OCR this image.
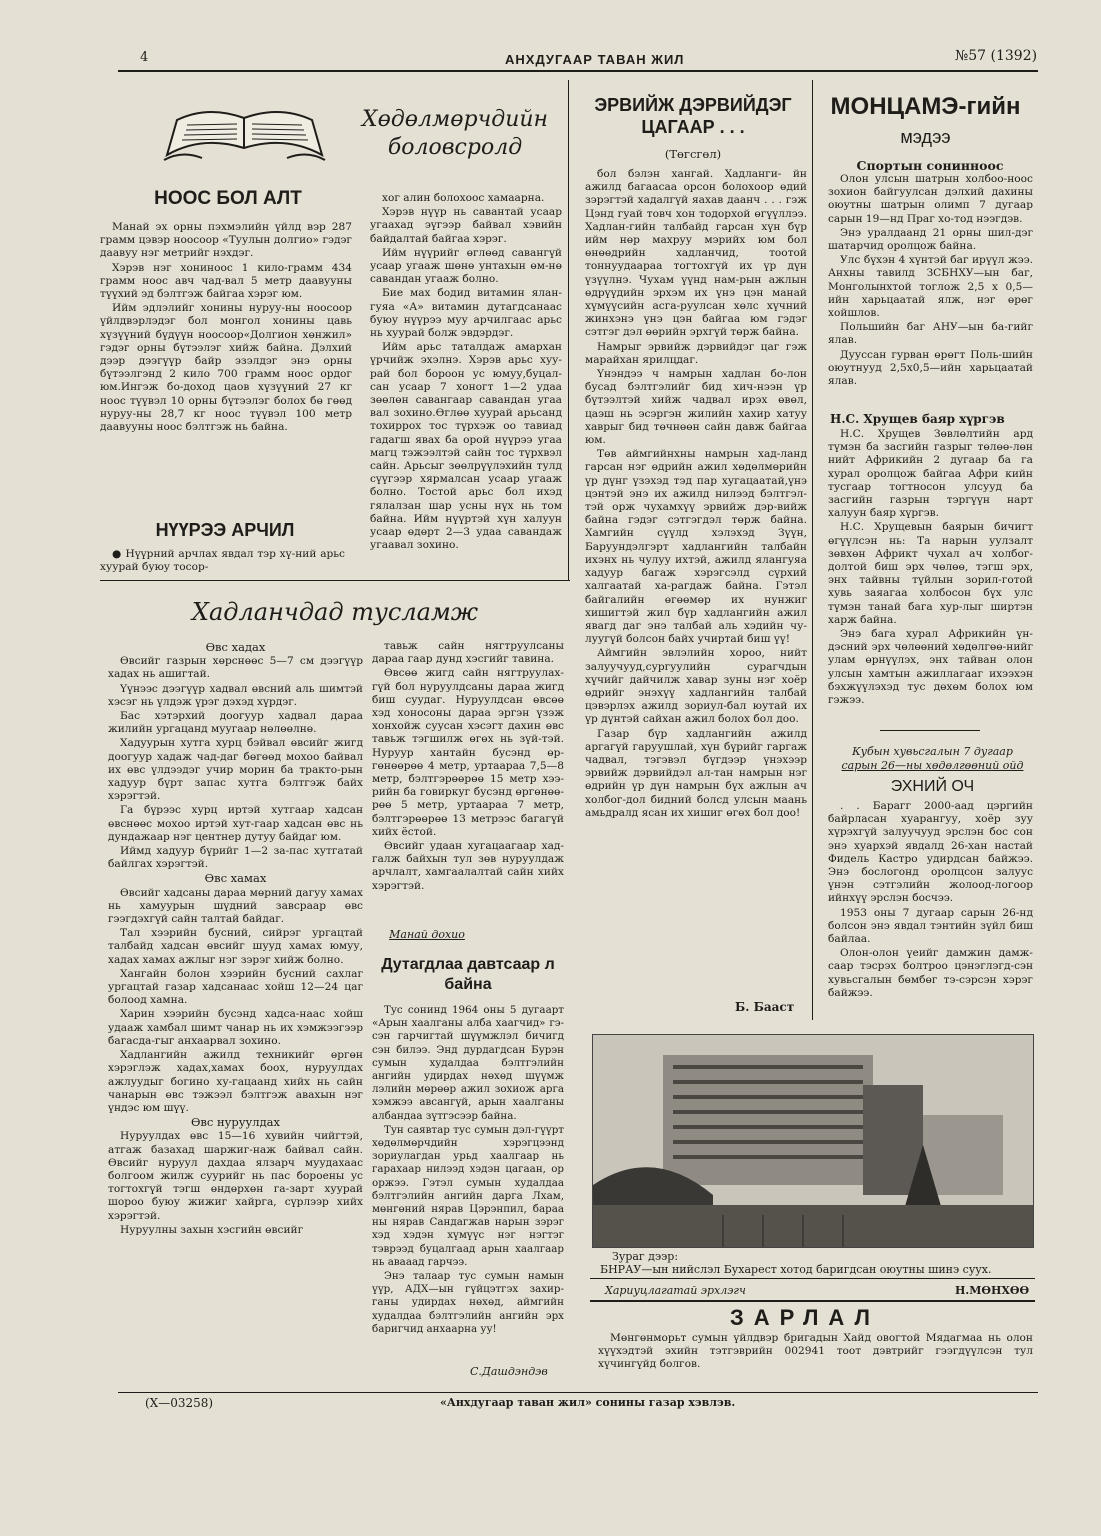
4	АНХДУГААР ТАВАН ЖИЛ	№57 (1392)
Хөдөлмөрчдийн
боловсролд
НООС БОЛ АЛТ

Манай эх орны пэхмэлийн үйлд вэр 287 грамм цэвэр ноосоор «Туулын долгио» гэдэг даавуу нэг метрийг нэхдэг.

Хэрэв нэг хониноос 1 кило-грамм 434 грамм ноос авч чад-вал 5 метр даавууны түүхий эд бэлтгэж байгаа хэрэг юм.

Ийм эдлэлийг хонины нуруу-ны ноосоор үйлдвэрлэдэг бол монгол хонины цавь хүзүүний бүдүүн ноосоор«Долгион хөнжил» гэдэг орны бүтээлэг хийж байна. Дэлхий дээр дээгүүр байр эзэлдэг энэ орны бүтээлгэнд 2 кило 700 грамм ноос ордог юм.Ингэж бо-доход цаов хүзүүний 27 кг ноос түүвэл 10 орны бүтээлэг болох бө гөөд нуруу-ны 28,7 кг ноос түүвэл 100 метр даавууны ноос бэлтгэж нь байна.

НҮҮРЭЭ АРЧИЛ

● Нүүрний арчлах явдал тэр хү-ний арьс хуурай буюу тосор-

хог алин болохоос хамаарна.

Хэрэв нүүр нь савантай усаар угаахад эүгээр байвал хэвийн байдалтай байгаа хэрэг.

Ийм нүүрийг өглөөд савангүй усаар угааж шөнө унтахын өм-нө савандан угааж болно.

Бие мах бодид витамин ялан-гуяа «А» витамин дутагдсанаас буюу нүүрээ муу арчилгаас арьс нь хуурай болж эвдэрдэг.

Ийм арьс таталдаж амархан үрчийж эхэлнэ. Хэрэв арьс хуу-рай бол бороон ус юмуу,буцал-сан усаар 7 хоногт 1—2 удаа зөөлөн савангаар савандан угаа вал зохино.Өглөө хуурай арьсанд тохиррох тос түрхэж оо тавиад гадагш явах ба орой нүүрээ угаа магц тэжээлтэй сайн тос түрхвэл сайн. Арьсыг зөөлрүүлэхийн тулд сүүгээр хярмалсан усаар угааж болно. Тостой арьс бол ихэд гялалзан шар усны нүх нь том байна. Ийм нүүртэй хүн халуун усаар өдөрт 2—3 удаа савандаж угаавал зохино.

ЭРВИЙЖ ДЭРВИЙДЭГ
ЦАГААР . . .
(Төгсгөл)

бол бэлэн хангай. Хадланги- йн ажилд багаасаа орсон болохоор өдий зэрэгтэй хадалгүй яахав даанч . . . гэж Цэнд гуай товч хон тодорхой өгүүллээ. Хадлан-гийн талбайд гарсан хүн бүр ийм нөр махруу мэрийх юм бол өнөөдрийн хадланчид, тоотой тоннуудаараа тогтохгүй их үр дүн үзүүлнэ. Чухам үүнд нам-рын ажлын өдрүүдийн эрхэм их үнэ цэн манай хүмүүсийн асга-руулсан хөлс хүчний жинхэнэ үнэ цэн байгаа юм гэдэг сэтгэг дэл өөрийн эрхгүй төрж байна.

Намрыг эрвийж дэрвийдэг цаг гэж марайхан ярилцдаг.

Үнэндээ ч намрын хадлан бо-лон бусад бэлтгэлийг бид хич-нээн үр бүтээлтэй хийж чадвал ирэх өвөл, цаэш нь эсэргэн жилийн хахир хатуу хаврыг бид төчнөөн сайн давж байгаа юм.

Төв аймгийнхны намрын хад-ланд гарсан нэг өдрийн ажил хөдөлмөрийн үр дүнг үзэхэд тэд пар хугацаатай,үнэ цэнтэй энэ их ажилд нилээд бэлтгэл-тэй орж чухамхүү эрвийж дэр-вийж байна гэдэг сэтгэгдэл төрж байна. Хамгийн сүүлд хэлэхэд Зүүн, Баруундэлгэрт хадлангийн талбайн ихэнх нь чулуу ихтэй, ажилд ялангуяа хадуур багаж хэрэгсэлд сүрхий халгаатай ха-рагдаж байна. Гэтэл байгалийн өгөөмөр их нунжиг хишигтэй жил бүр хадлангийн ажил явагд даг энэ талбай аль хэдийн чу-луугүй болсон байх учиртай биш үү!

Аймгийн эвлэлийн хороо, нийт залуучууд,сургуулийн сурагчдын хүчийг дайчилж хавар зуны нэг хоёр өдрийг энэхүү хадлангийн талбай цэвэрлэх ажилд зориул-бал юутай их үр дүнтэй сайхан ажил болох бол доо.

Газар бүр хадлангийн ажилд аргагүй гаруушлай, хүн бүрийг гаргаж чадвал, тэгэвэл бүгдээр үнэхээр эрвийж дэрвийдэл ал-тан намрын нэг өдрийн үр дүн намрын бүх ажлын ач холбог-дол бидний болсд улсын маань амьдралд ясан их хишиг өгөх бол доо!

Б. Бааст
МОНЦАМЭ-гийн
мэдээ
Спортын сонинноос

Олон улсын шатрын холбоо-ноос зохион байгуулсан дэлхий дахины оюутны шатрын олимп 7 дугаар сарын 19—нд Праг хо-тод нээгдэв.

Энэ уралдаанд 21 орны шил-дэг шатарчид оролцож байна.

Улс бүхэн 4 хүнтэй баг ирүүл жээ. Анхны тавилд ЗСБНХУ—ын баг, Монголынхтой тоглож 2,5 х 0,5—ийн харьцаатай ялж, нэг өрөг хойшлов.

Польшийн баг АНУ—ын ба-гийг ялав.

Дууссан гурван өрөгт Поль-шийн оюутнууд 2,5х0,5—ийн харьцаатай ялав.

Н.С. Хрущев баяр хүргэв

Н.С. Хрущев Зөвлөлтийн ард түмэн ба засгийн газрыг төлөө-лөн нийт Африкийн 2 дугаар ба га хурал оролцож байгаа Афри кийн тусгаар тогтносон улсууд ба засгийн газрын тэргүүн нарт халуун баяр хүргэв.

Н.С. Хрущевын баярын бичигт өгүүлсэн нь: Та нарын уулзалт зөвхөн Африкт чухал ач холбог-долтой биш эрх чөлөө, тэгш эрх, энх тайвны түйлын зорил-готой хувь заяагаа холбосон бүх улс түмэн танай бага хур-лыг ширтэн харж байна.

Энэ бага хурал Африкийн үн-дэсний эрх чөлөөний хөдөлгөө-нийг улам өрнүүлэх, энх тайван олон улсын хамтын ажиллагааг ихээхэн бэхжүүлэхэд тус дөхөм болох юм гэжээ.

Кубын хувьсгалын 7 дугаар
сарын 26—ны хөдөлгөөний ойд
ЭХНИЙ ОЧ

. . Барагг 2000-аад цэргийн байрласан хуарангуу, хоёр зуу хүрэхгүй залуучууд эрслэн бос сон энэ хуархэй явдалд 26-хан настай Фидель Кастро удирдсан байжээ. Энэ бослогонд оролцсон залуус үнэн сэтгэлийн жолоод-логоор ийнхүү эрслэн босчээ.

1953 оны 7 дугаар сарын 26-нд болсон энэ явдал тэнтийн зүйл биш байлаа.

Олон-олон үеийг дамжин дамж-саар тэсрэх болтроо цэнэглэгд-сэн хувьсгалын бөмбөг тэ-сэрсэн хэрэг байжээ.

Хадланчдад тусламж
Өвс хадах

Өвсийг газрын хөрснөөс 5—7 см дээгүүр хадах нь ашигтай.

Үүнээс дээгүүр хадвал өвсний аль шимтэй хэсэг нь үлдэж үрэг дэхэд хүрдэг.

Бас хэтэрхий доогуур хадвал дараа жилийн ургацанд муугаар нөлөөлнө.

Хадуурын хутга хурц бэйвал өвсийг жигд доогуур хадаж чад-даг бөгөөд мохоо байвал их өвс үлдээдэг учир морин ба тракто-рын хадуур бүрт запас хутга бэлтгэж байх хэрэгтэй.

Га бүрээс хурц иртэй хутгаар хадсан өвснөөс мохоо иртэй хут-гаар хадсан өвс нь дундажаар нэг центнер дутуу байдаг юм.

Иймд хадуур бүрийг 1—2 за-пас хутгатай байлгах хэрэгтэй.

Өвс хамах

Өвсийг хадсаны дараа мөрний дагуу хамах нь хамуурын шүдний завсраар өвс гээгдэхгүй сайн талтай байдаг.

Тал хээрийн бусний, сийрэг ургацтай талбайд хадсан өвсийг шууд хамах юмуу, хадах хамах ажлыг нэг зэрэг хийж болно.

Хангайн болон хээрийн бусний сахлаг ургацтай газар хадсанаас хойш 12—24 цаг болоод хамна.

Харин хээрийн бусэнд хадса-наас хойш удааж хамбал шимт чанар нь их хэмжээгээр багасда-гыг анхаарвал зохино.

Хадлангийн ажилд техникийг өргөн хэрэглэж хадах,хамах боох, нуруулдах ажлуудыг богино ху-гацаанд хийх нь сайн чанарын өвс тэжээл бэлтгэж авахын нэг үндэс юм шүү.

Өвс нуруулдах

Нуруулдах өвс 15—16 хувийн чийгтэй, атгаж базахад шаржиг-наж байвал сайн. Өвсийг нуруул дахдаа ялзарч муудахаас болгоом жилж суурийг нь пас бороены ус тогтохгүй тэгш өндөрхөн га-зарт хуурай шороо буюу жижиг хайрга, сүрлээр хийх хэрэгтэй.

Нуруулны захын хэсгийн өвсийг

тавьж сайн нягтруулсаны дараа гаар дунд хэсгийг тавина.

Өвсөө жигд сайн нягтруулах-гүй бол нуруулдсаны дараа жигд биш суудаг. Нуруулдсан өвсөө хэд хоносоны дараа эргэн үзэж хонхойж суусан хэсэгт дахин өвс тавьж тэгшилж өгөх нь зүй-тэй. Нуруур хантайн бусэнд өр-гөнөөрөө 4 метр, уртаараа 7,5—8 метр, бэлтгэрөөрөө 15 метр хээ-рийн ба говиркуг бусэнд өргөнөө-рөө 5 метр, уртаараа 7 метр, бэлтгэрөөрөө 13 метрээс багагүй хийх ёстой.

Өвсийг удаан хугацаагаар хад-галж байхын тул зөв нуруулдаж арчлалт, хамгаалалтай сайн хийх хэрэгтэй.

Манай дохио
Дутагдлаа давтсаар л
байна

Тус сонинд 1964 оны 5 дугаарт «Арын хаалганы алба хаагчид» гэ-сэн гарчигтай шүүмжлэл бичигд сэн билээ. Энд дурдагдсан Бурэн сумын худалдаа бэлтгэлийн ангийн удирдах нөхөд шүүмж лэлийн мөрөөр ажил зохиож арга хэмжээ авсангүй, арын хаалганы албандаа зүтгэсээр байна.

Тун саявтар тус сумын дэл-гүүрт хөдөлмөрчдийн хэрэгцээнд зориулагдан урьд хаалгаар нь гарахаар нилээд хэдэн цагаан, ор оржээ. Гэтэл сумын худалдаа бэлтгэлийн ангийн дарга Лхам, мөнгөний нярав Цэрэнпил, бараа ны нярав Сандагжав нарын зэрэг хэд хэдэн хүмүүс нэг нэгтэг тэврээд буцалгаад арын хаалгаар нь авааад гарчээ.

Энэ талаар тус сумын намын үүр, АДХ—ын гүйцэтгэх захир-ганы удирдах нөхөд, аймгийн худалдаа бэлтгэлийн ангийн эрх баригчид анхаарна уу!

С.Дашдэндэв
Зураг дээр:
БНРАУ—ын нийслэл Бухарест хотод баригдсан оюутны шинэ суух.
Хариуцлагатай эрхлэгч	Н.МӨНХӨӨ
ЗАРЛАЛ

Мөнгөнморьт сумын үйлдвэр бригадын Хайд овогтой Мядагмаа нь олон хүүхэдтэй эхийн тэтгэврийн 002941 тоот дэвтрийг гээгдүүлсэн тул хүчингүйд болгов.

(Х—03258)	«Анхдугаар таван жил» сонины газар хэвлэв.
